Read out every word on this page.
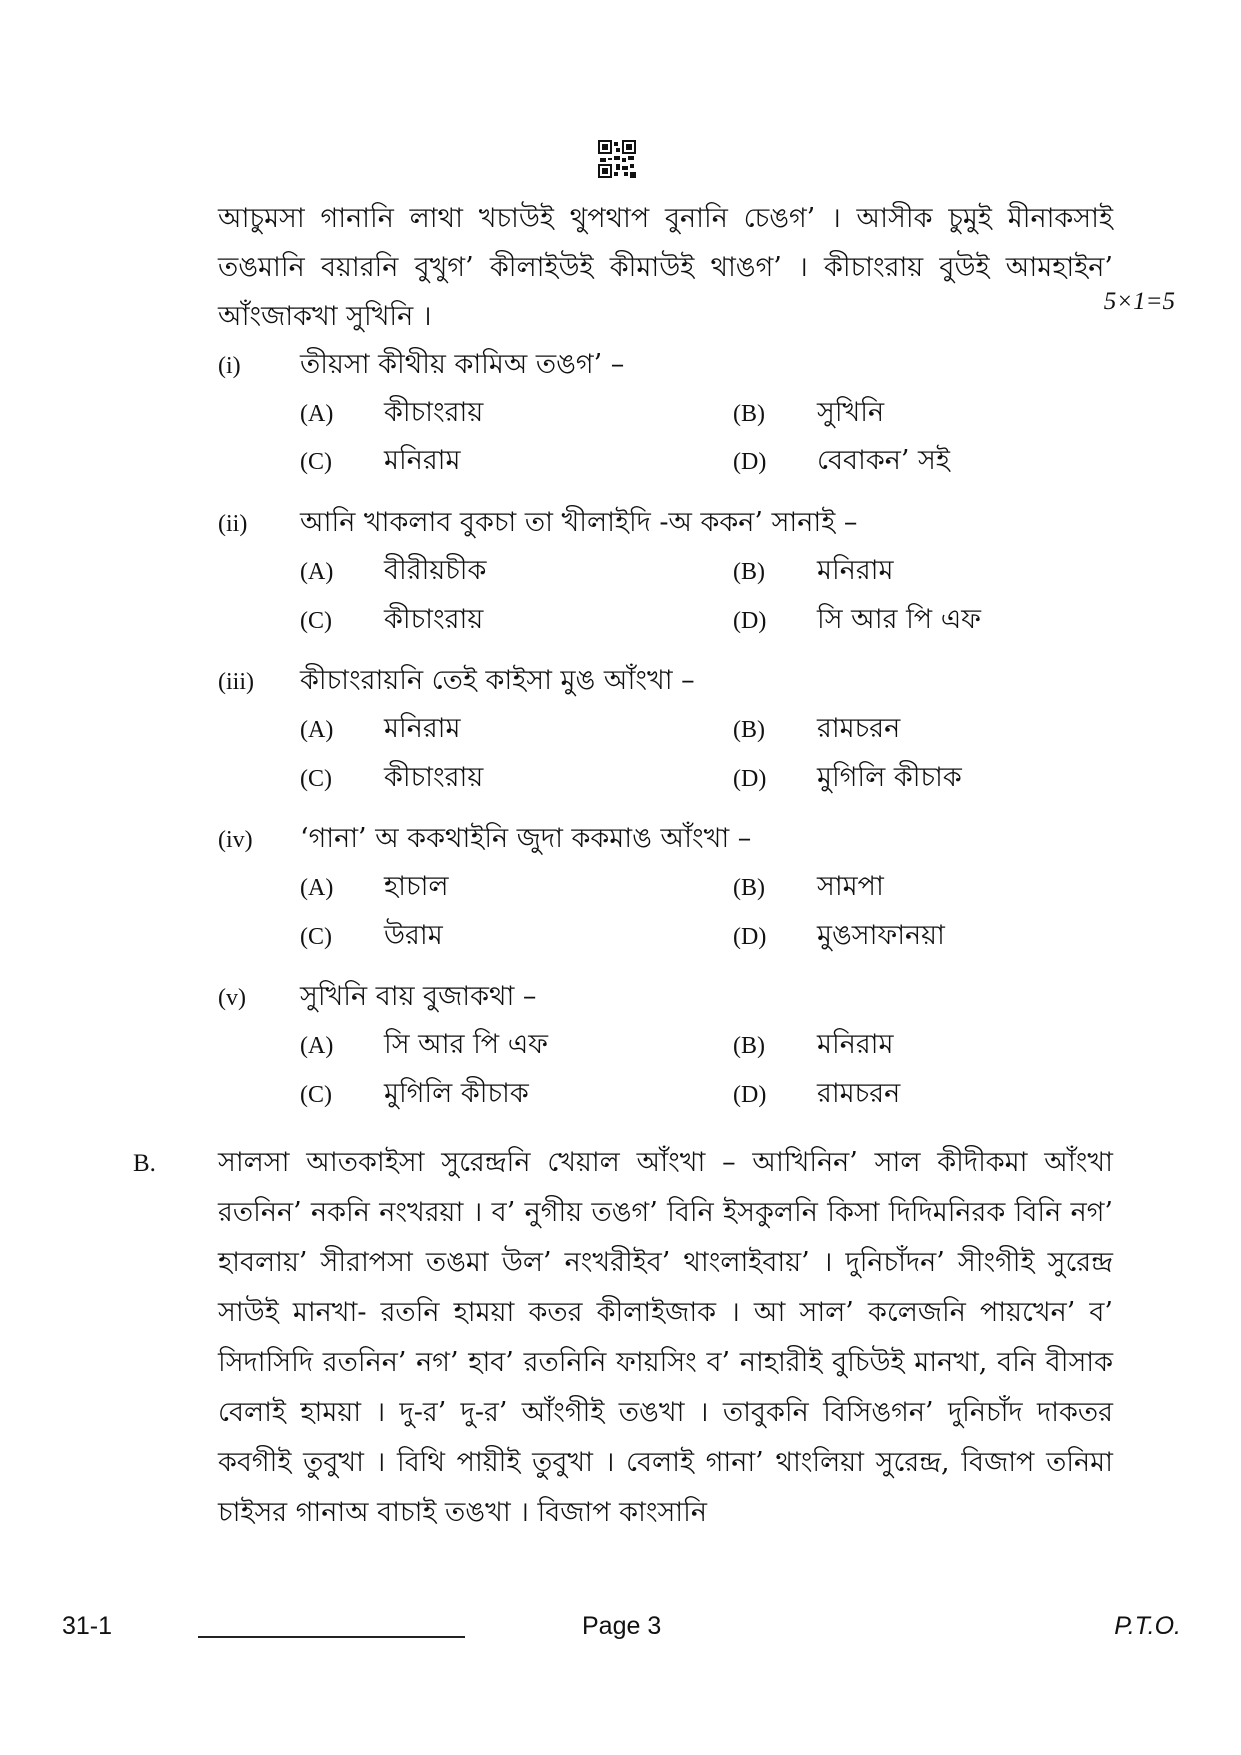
আচুমসা গানানি লাথা খচাউই থুপথাপ বুনানি চেঙগ’ । আসীক চুমুই মীনাকসাই তঙমানি বয়ারনি বুখুগ’ কীলাইউই কীমাউই থাঙগ’ । কীচাংরায় বুউই আমহাইন’ আঁংজাকখা সুখিনি ।	5×1=5
(i) তীয়সা কীথীয় কামিঅ তঙগ’ –
(A) কীচাংরায়	(B) সুখিনি
(C) মনিরাম	(D) বেবাকন’ সই
(ii) আনি খাকলাব বুকচা তা খীলাইদি -অ ককন’ সানাই –
(A) বীরীয়চীক	(B) মনিরাম
(C) কীচাংরায়	(D) সি আর পি এফ
(iii) কীচাংরায়নি তেই কাইসা মুঙ আঁংখা –
(A) মনিরাম	(B) রামচরন
(C) কীচাংরায়	(D) মুগিলি কীচাক
(iv) ‘গানা’ অ ককথাইনি জুদা ককমাঙ আঁংখা –
(A) হাচাল	(B) সামপা
(C) উরাম	(D) মুঙসাফানয়া
(v) সুখিনি বায় বুজাকথা –
(A) সি আর পি এফ	(B) মনিরাম
(C) মুগিলি কীচাক	(D) রামচরন
B. সালসা আতকাইসা সুরেন্দ্রনি খেয়াল আঁংখা – আখিনিন’ সাল কীদীকমা আঁংখা রতনিন’ নকনি নংখরয়া । ব’ নুগীয় তঙগ’ বিনি ইসকুলনি কিসা দিদিমনিরক বিনি নগ’ হাবলায়’ সীরাপসা তঙমা উল’ নংখরীইব’ থাংলাইবায়’ । দুনিচাঁদন’ সীংগীই সুরেন্দ্র সাউই মানখা- রতনি হাময়া কতর কীলাইজাক । আ সাল’ কলেজনি পায়খেন’ ব’ সিদাসিদি রতনিন’ নগ’ হাব’ রতনিনি ফায়সিং ব’ নাহারীই বুচিউই মানখা, বনি বীসাক বেলাই হাময়া । দু-র’ দু-র’ আঁংগীই তঙখা । তাবুকনি বিসিঙগন’ দুনিচাঁদ দাকতর কবগীই তুবুখা । বিথি পায়ীই তুবুখা । বেলাই গানা’ থাংলিয়া সুরেন্দ্র, বিজাপ তনিমা চাইসর গানাঅ বাচাই তঙখা । বিজাপ কাংসানি
31-1	Page 3	P.T.O.
